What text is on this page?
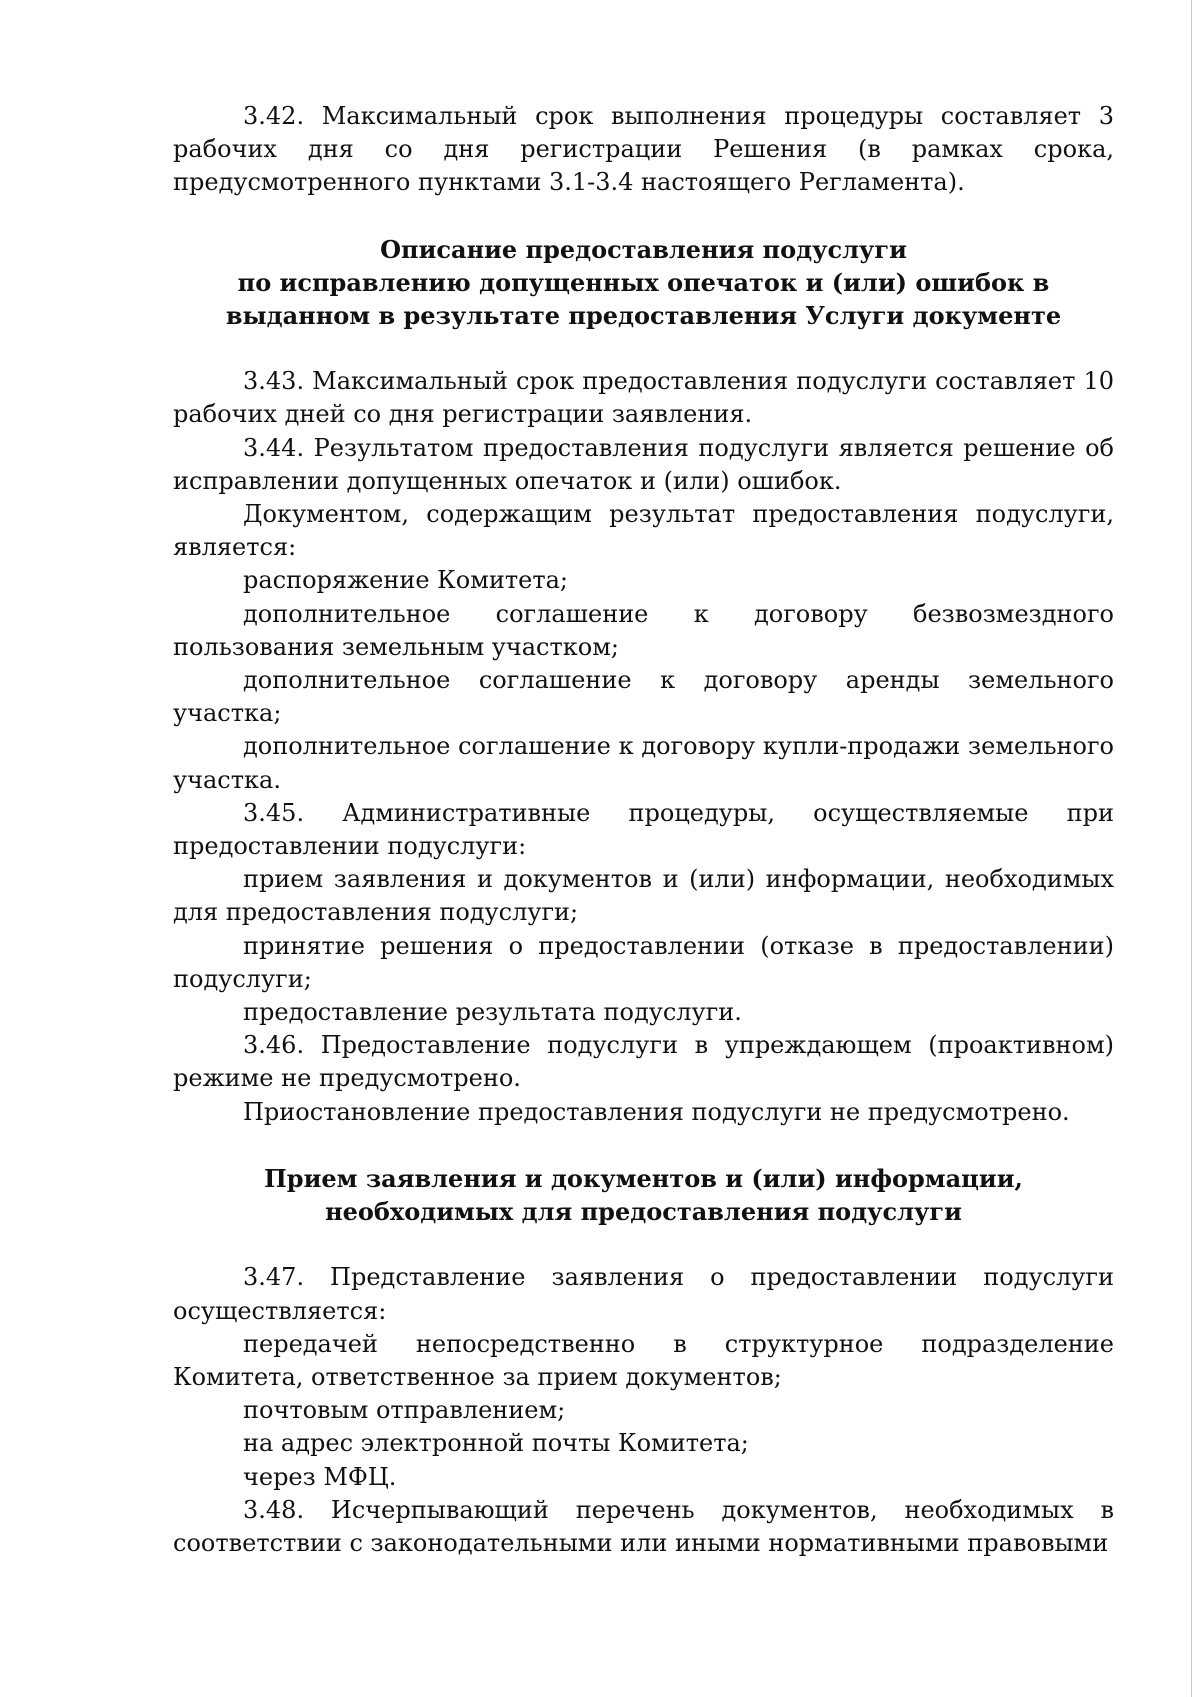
3.42. Максимальный срок выполнения процедуры составляет 3 рабочих дня со дня регистрации Решения (в рамках срока, предусмотренного пунктами 3.1-3.4 настоящего Регламента).

Описание предоставления подуслуги
по исправлению допущенных опечаток и (или) ошибок в
выданном в результате предоставления Услуги документе

3.43. Максимальный срок предоставления подуслуги составляет 10 рабочих дней со дня регистрации заявления.

3.44. Результатом предоставления подуслуги является решение об исправлении допущенных опечаток и (или) ошибок.

Документом, содержащим результат предоставления подуслуги, является:

распоряжение Комитета;

дополнительное соглашение к договору безвозмездного пользования земельным участком;

дополнительное соглашение к договору аренды земельного участка;

дополнительное соглашение к договору купли-продажи земельного участка.

3.45. Административные процедуры, осуществляемые при предоставлении подуслуги:

прием заявления и документов и (или) информации, необходимых для предоставления подуслуги;

принятие решения о предоставлении (отказе в предоставлении) подуслуги;

предоставление результата подуслуги.

3.46. Предоставление подуслуги в упреждающем (проактивном) режиме не предусмотрено.

Приостановление предоставления подуслуги не предусмотрено.

Прием заявления и документов и (или) информации,
необходимых для предоставления подуслуги

3.47. Представление заявления о предоставлении подуслуги осуществляется:

передачей непосредственно в структурное подразделение Комитета, ответственное за прием документов;

почтовым отправлением;

на адрес электронной почты Комитета;

через МФЦ.

3.48. Исчерпывающий перечень документов, необходимых в соответствии с законодательными или иными нормативными правовыми
